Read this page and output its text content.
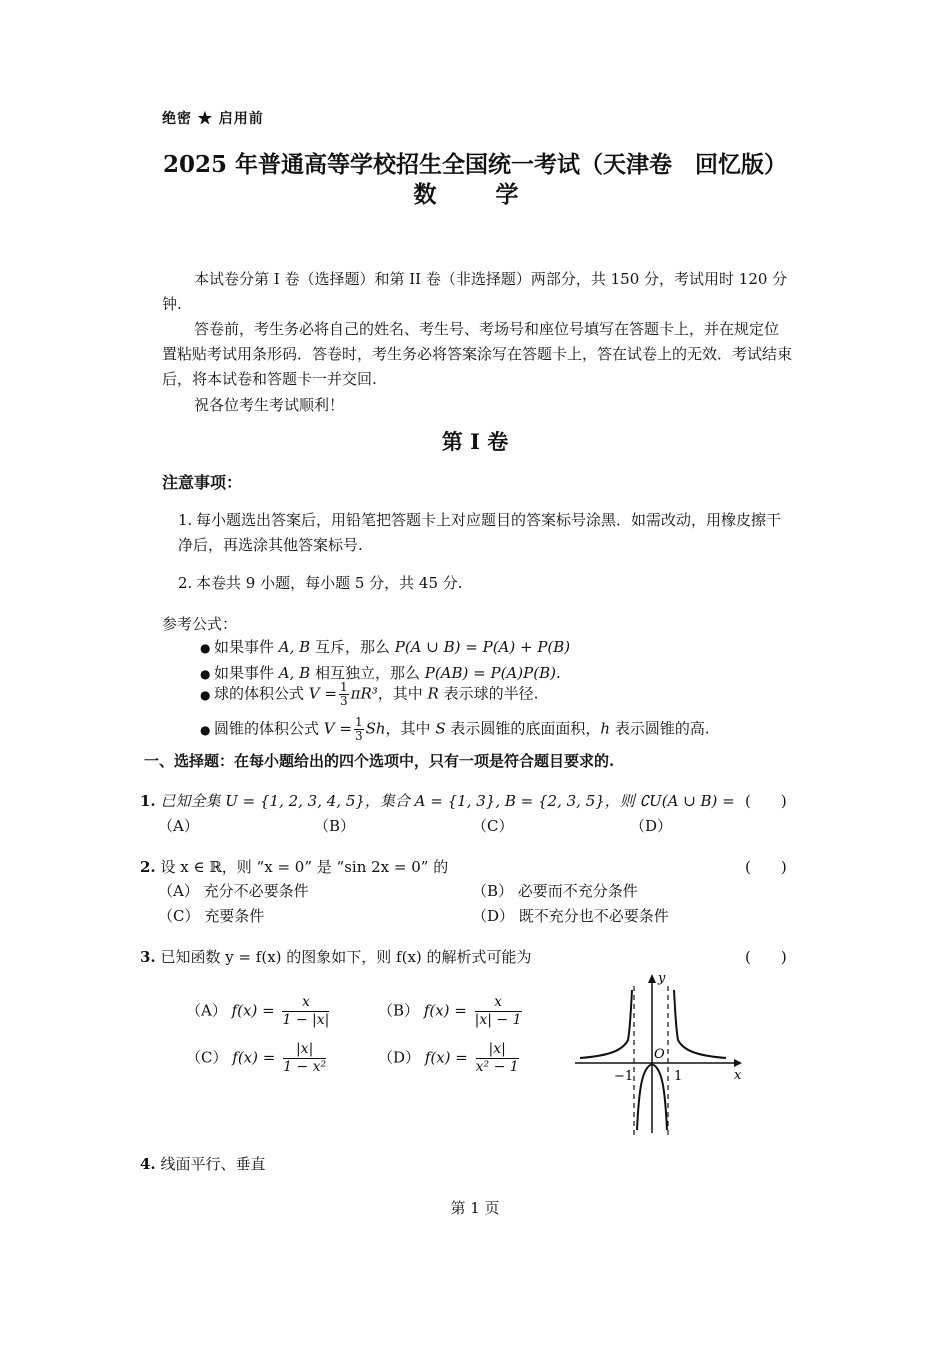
绝密 ★ 启用前
2025 年普通高等学校招生全国统一考试（天津卷　回忆版）
数　学
本试卷分第 I 卷（选择题）和第 II 卷（非选择题）两部分，共 150 分，考试用时 120 分钟.
答卷前，考生务必将自己的姓名、考生号、考场号和座位号填写在答题卡上，并在规定位置粘贴考试用条形码．答卷时，考生务必将答案涂写在答题卡上，答在试卷上的无效．考试结束后，将本试卷和答题卡一并交回.
祝各位考生考试顺利！
第 I 卷
注意事项：
1. 每小题选出答案后，用铅笔把答题卡上对应题目的答案标号涂黑．如需改动，用橡皮擦干净后，再选涂其他答案标号.
2. 本卷共 9 小题，每小题 5 分，共 45 分.
参考公式：
● 如果事件 A, B 互斥，那么 P(A ∪ B) = P(A) + P(B)
● 如果事件 A, B 相互独立，那么 P(AB) = P(A)P(B).
● 球的体积公式 $V = \frac{1}{3} \pi R^3$，其中 R 表示球的半径.
● 圆锥的体积公式 $V = \frac{1}{3}$ Sh，其中 S 表示圆锥的底面面积，h 表示圆锥的高.
一、选择题：在每小题给出的四个选项中，只有一项是符合题目要求的.
1. 已知全集 U = {1, 2, 3, 4, 5}，集合 A = {1, 3}, B = {2, 3, 5}，则 ∁U(A ∪ B) = (　　)
（A）	（B）	（C）	（D）
2. 设 x ∈ ℝ，则 “x = 0” 是 “sin 2x = 0” 的	(　　)
（A） 充分不必要条件	（B） 必要而不充分条件
（C） 充要条件	（D） 既不充分也不必要条件
3. 已知函数 y = f(x) 的图象如下，则 f(x) 的解析式可能为	(　　)
（A） $f(x) = \frac{x}{1 - |x|}$	（B） $f(x) = \frac{x}{|x| - 1}$
（C） $f(x) = \frac{|x|}{\text{1 − x²}}$	（D） $f(x) = \frac{|x|}{\text{x² − 1}}$
y
x
O
−1	1
4. 线面平行、垂直
第 1 页
